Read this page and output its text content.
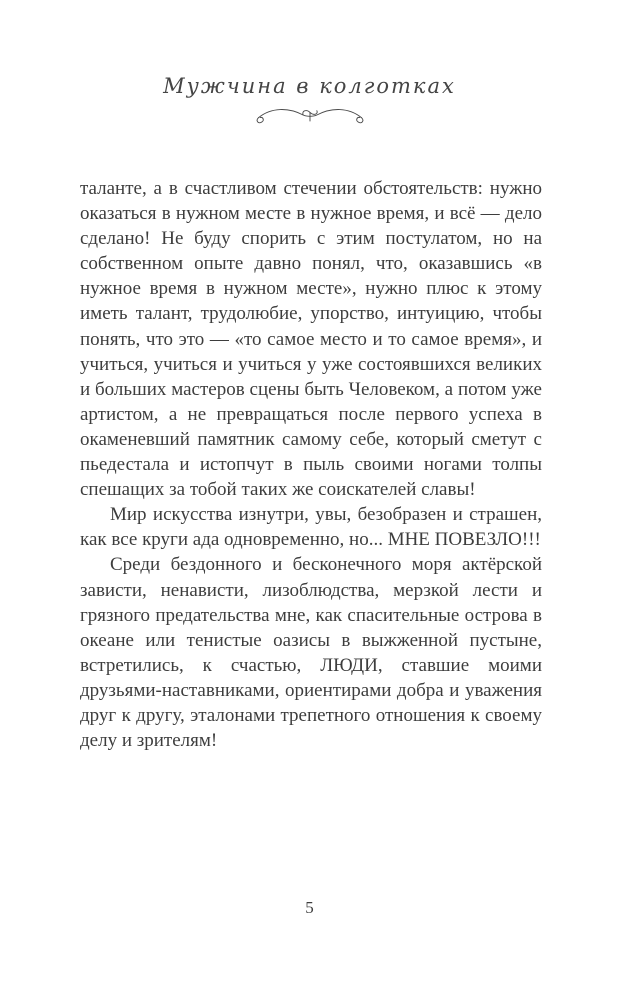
Мужчина в колготках

таланте, а в счастливом стечении обстоятельств: нужно оказаться в нужном месте в нужное время, и всё — дело сделано! Не буду спорить с этим постулатом, но на собственном опыте давно понял, что, оказавшись «в нужное время в нужном месте», нужно плюс к этому иметь талант, трудолюбие, упорство, интуицию, чтобы понять, что это — «то самое место и то самое время», и учиться, учиться и учиться у уже состоявшихся великих и больших мастеров сцены быть Человеком, а потом уже артистом, а не превращаться после первого успеха в окаменевший памятник самому себе, который сметут с пьедестала и истопчут в пыль своими ногами толпы спешащих за тобой таких же соискателей славы!

Мир искусства изнутри, увы, безобразен и страшен, как все круги ада одновременно, но... МНЕ ПОВЕЗЛО!!!

Среди бездонного и бесконечного моря актёрской зависти, ненависти, лизоблюдства, мерзкой лести и грязного предательства мне, как спасительные острова в океане или тенистые оазисы в выжженной пустыне, встретились, к счастью, ЛЮДИ, ставшие моими друзьями-наставниками, ориентирами добра и уважения друг к другу, эталонами трепетного отношения к своему делу и зрителям!

5
